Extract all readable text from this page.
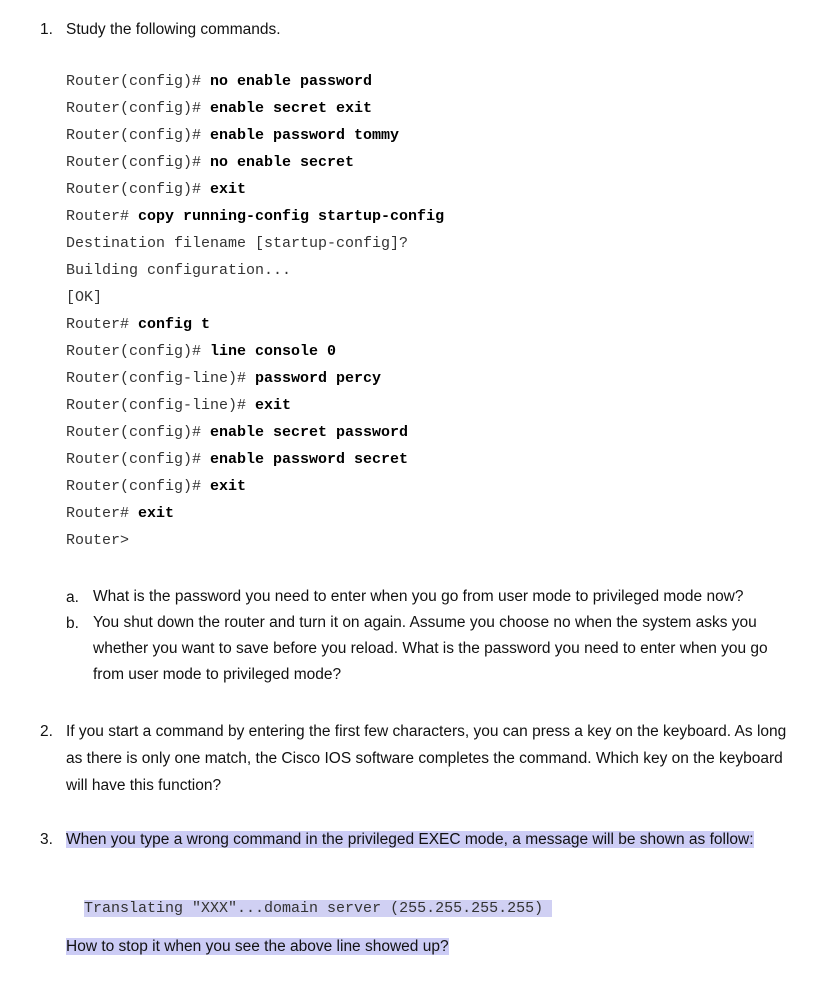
1. Study the following commands.
Router(config)# no enable password
Router(config)# enable secret exit
Router(config)# enable password tommy
Router(config)# no enable secret
Router(config)# exit
Router# copy running-config startup-config
Destination filename [startup-config]?
Building configuration...
[OK]
Router# config t
Router(config)# line console 0
Router(config-line)# password percy
Router(config-line)# exit
Router(config)# enable secret password
Router(config)# enable password secret
Router(config)# exit
Router# exit
Router>
a. What is the password you need to enter when you go from user mode to privileged mode now?
b. You shut down the router and turn it on again. Assume you choose no when the system asks you
whether you want to save before you reload. What is the password you need to enter when you go
from user mode to privileged mode?
2. If you start a command by entering the first few characters, you can press a key on the keyboard. As long
as there is only one match, the Cisco IOS software completes the command. Which key on the keyboard
will have this function?
3. When you type a wrong command in the privileged EXEC mode, a message will be shown as follow:

Translating "XXX"...domain server (255.255.255.255)

How to stop it when you see the above line showed up?
